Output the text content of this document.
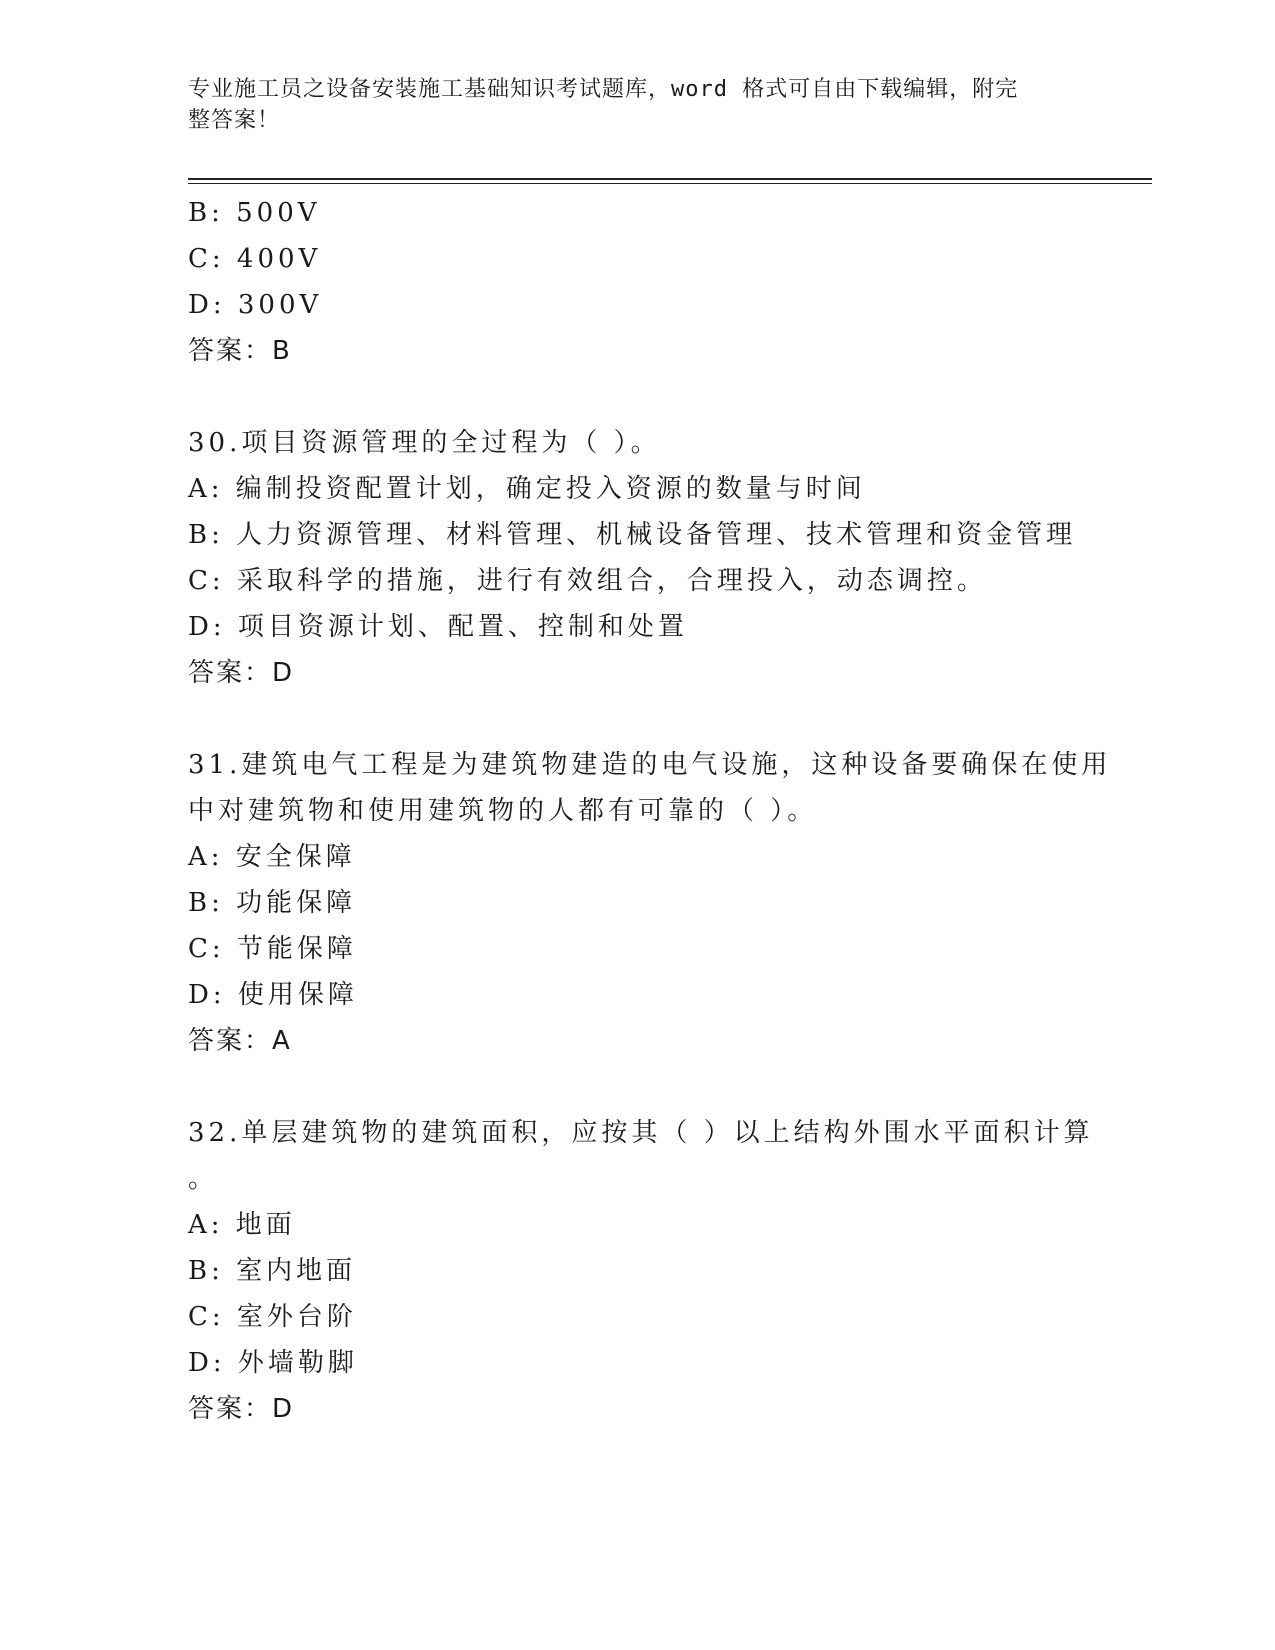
专业施工员之设备安装施工基础知识考试题库，word 格式可自由下载编辑，附完
整答案！
B: 500V
C: 400V
D: 300V
答案：B
30.项目资源管理的全过程为（ ）。
A: 编制投资配置计划，确定投入资源的数量与时间
B: 人力资源管理、材料管理、机械设备管理、技术管理和资金管理
C: 采取科学的措施，进行有效组合，合理投入，动态调控。
D: 项目资源计划、配置、控制和处置
答案：D
31.建筑电气工程是为建筑物建造的电气设施，这种设备要确保在使用
中对建筑物和使用建筑物的人都有可靠的（ ）。
A: 安全保障
B: 功能保障
C: 节能保障
D: 使用保障
答案：A
32.单层建筑物的建筑面积，应按其（ ）以上结构外围水平面积计算
。
A: 地面
B: 室内地面
C: 室外台阶
D: 外墙勒脚
答案：D
